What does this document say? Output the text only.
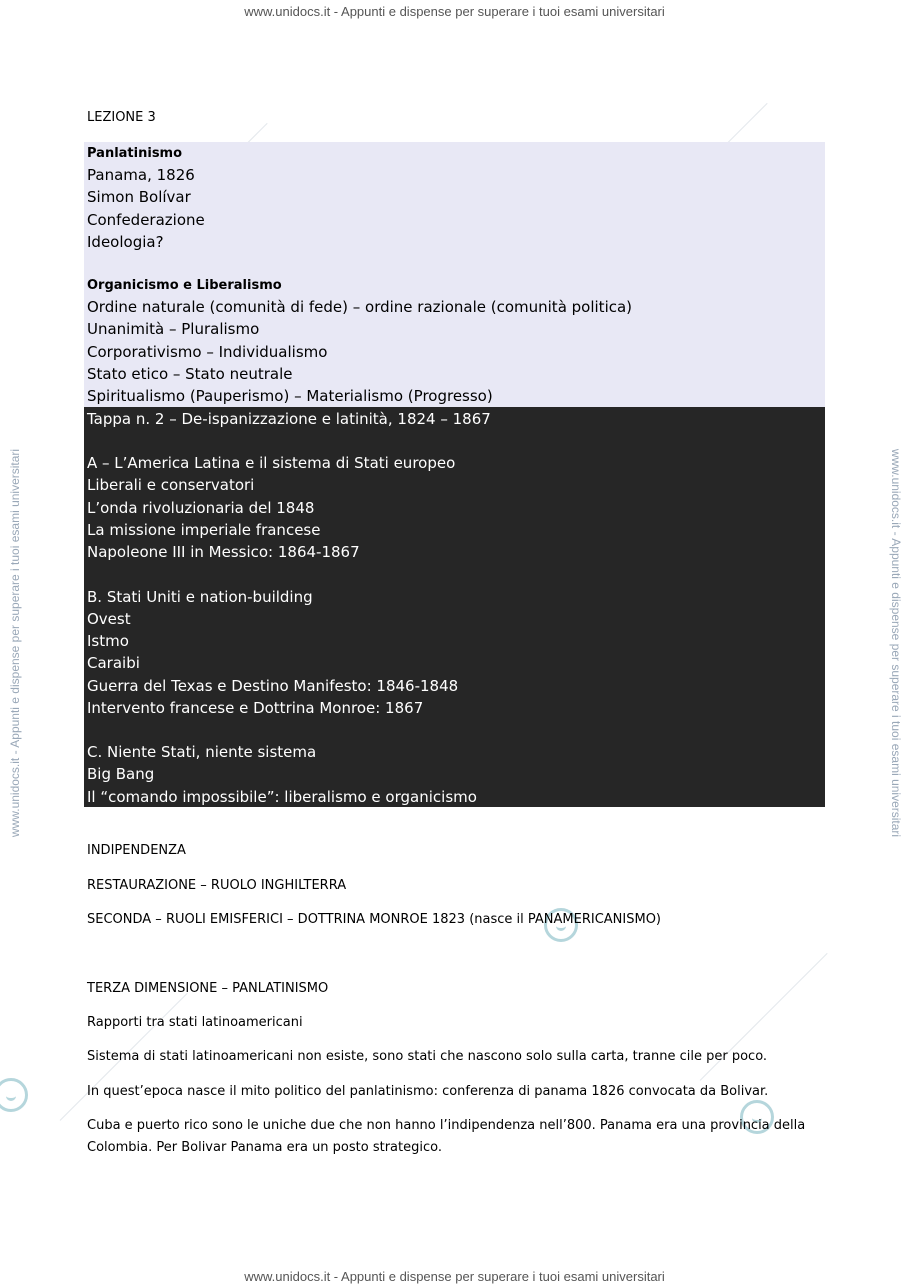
www.unidocs.it - Appunti e dispense per superare i tuoi esami universitari
www.unidocs.it - Appunti e dispense per superare i tuoi esami universitari
www.unidocs.it - Appunti e dispense per superare i tuoi esami universitari	www.unidocs.it - Appunti e dispense per superare i tuoi esami universitari
LEZIONE 3
Panlatinismo
Panama, 1826
Simon Bolívar
Confederazione
Ideologia?
Organicismo e Liberalismo
Ordine naturale (comunità di fede) – ordine razionale (comunità politica)
Unanimità – Pluralismo
Corporativismo – Individualismo
Stato etico – Stato neutrale
Spiritualismo (Pauperismo) – Materialismo (Progresso)
Tappa n. 2 – De-ispanizzazione e latinità, 1824 – 1867
A – L’America Latina e il sistema di Stati europeo
Liberali e conservatori
L’onda rivoluzionaria del 1848
La missione imperiale francese
Napoleone III in Messico: 1864-1867
B. Stati Uniti e nation-building
Ovest
Istmo
Caraibi
Guerra del Texas e Destino Manifesto: 1846-1848
Intervento francese e Dottrina Monroe: 1867
C. Niente Stati, niente sistema
Big Bang
Il “comando impossibile”: liberalismo e organicismo
INDIPENDENZA
RESTAURAZIONE – RUOLO INGHILTERRA
SECONDA – RUOLI EMISFERICI – DOTTRINA MONROE 1823 (nasce il PANAMERICANISMO)
TERZA DIMENSIONE – PANLATINISMO
Rapporti tra stati latinoamericani
Sistema di stati latinoamericani non esiste, sono stati che nascono solo sulla carta, tranne cile per poco.
In quest’epoca nasce il mito politico del panlatinismo: conferenza di panama 1826 convocata da Bolivar.
Cuba e puerto rico sono le uniche due che non hanno l’indipendenza nell’800. Panama era una provincia della Colombia. Per Bolivar Panama era un posto strategico.
